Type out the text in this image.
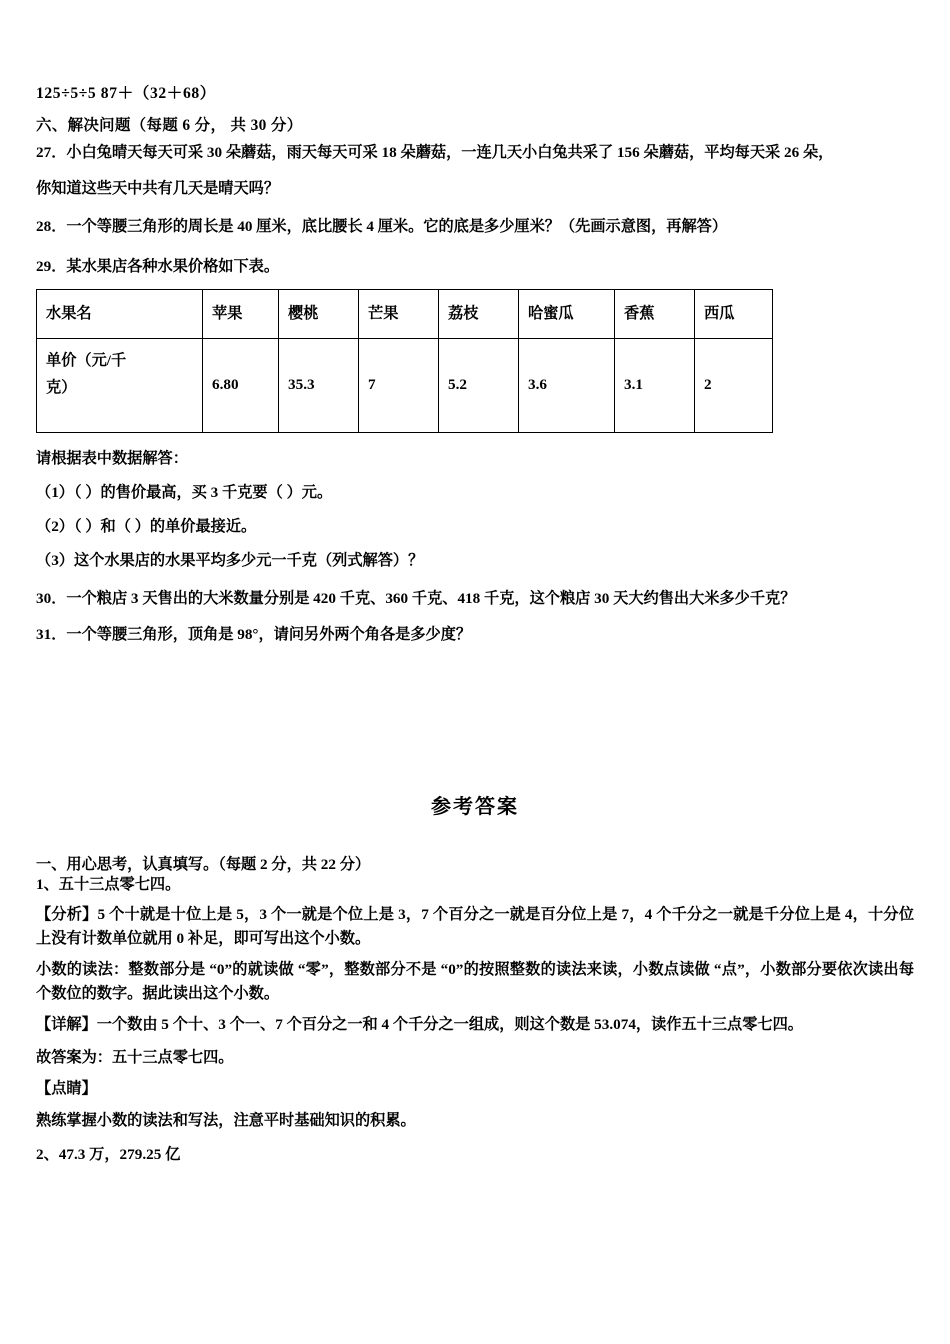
125÷5÷5 87＋（32＋68）
六、解决问题（每题 6 分， 共 30 分）

27．小白兔晴天每天可采 30 朵蘑菇，雨天每天可采 18 朵蘑菇，一连几天小白兔共采了 156 朵蘑菇，平均每天采 26 朵，

你知道这些天中共有几天是晴天吗？

28．一个等腰三角形的周长是 40 厘米，底比腰长 4 厘米。它的底是多少厘米？（先画示意图，再解答）

29．某水果店各种水果价格如下表。

水果名	苹果	樱桃	芒果	荔枝	哈蜜瓜	香蕉	西瓜
单价（元/千
克）	6.80	35.3	7	5.2	3.6	3.1	2

请根据表中数据解答：

（1）（ ）的售价最高，买 3 千克要（ ）元。

（2）（ ）和（ ）的单价最接近。

（3）这个水果店的水果平均多少元一千克（列式解答）？

30．一个粮店 3 天售出的大米数量分别是 420 千克、360 千克、418 千克，这个粮店 30 天大约售出大米多少千克？

31．一个等腰三角形，顶角是 98°，请问另外两个角各是多少度？

参考答案

一、用心思考，认真填写。（每题 2 分，共 22 分）

1、五十三点零七四。

【分析】5 个十就是十位上是 5，3 个一就是个位上是 3，7 个百分之一就是百分位上是 7，4 个千分之一就是千分位上是 4，十分位上没有计数单位就用 0 补足，即可写出这个小数。

小数的读法：整数部分是 “0”的就读做 “零”，整数部分不是 “0”的按照整数的读法来读，小数点读做 “点”，小数部分要依次读出每个数位的数字。据此读出这个小数。

【详解】一个数由 5 个十、3 个一、7 个百分之一和 4 个千分之一组成，则这个数是 53.074，读作五十三点零七四。

故答案为：五十三点零七四。

【点睛】

熟练掌握小数的读法和写法，注意平时基础知识的积累。

2、47.3 万，279.25 亿
